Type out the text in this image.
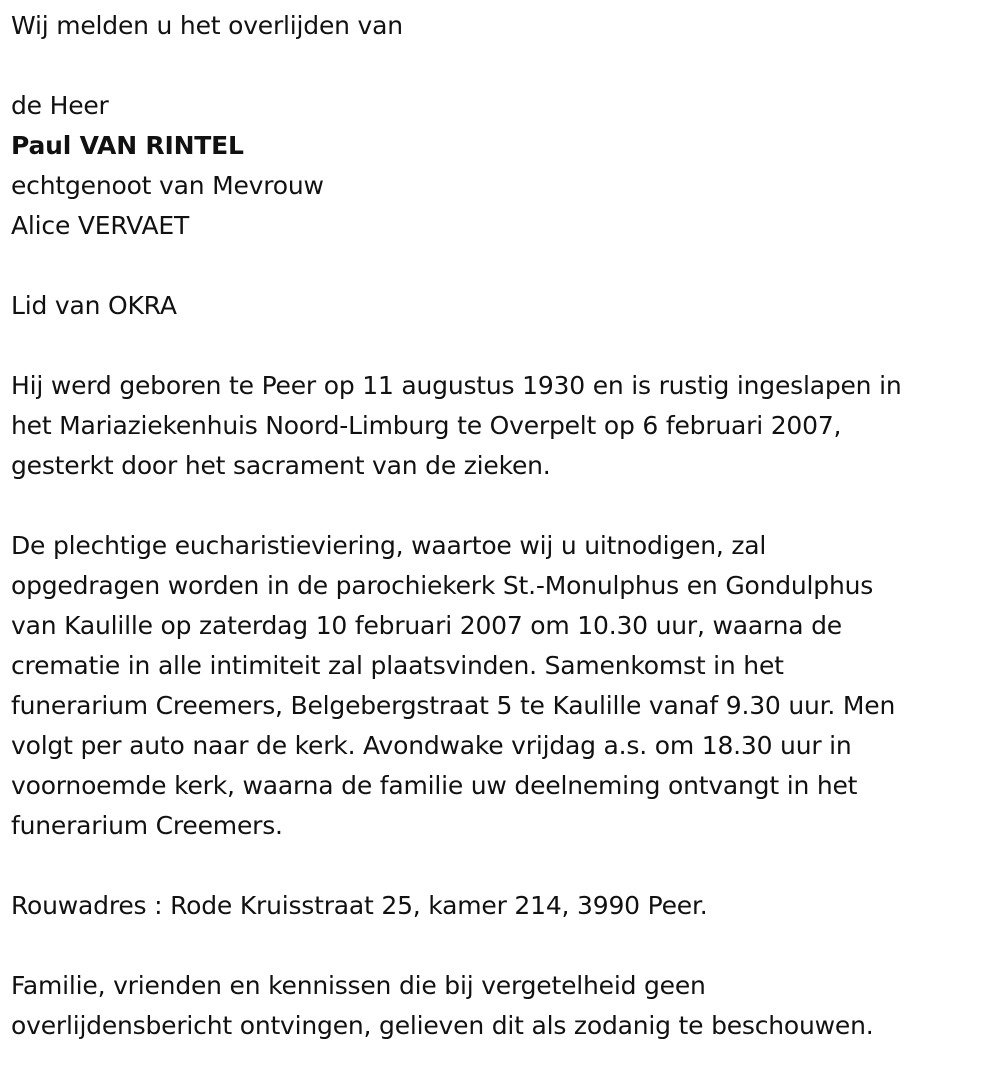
Wij melden u het overlijden van
de Heer
Paul VAN RINTEL
echtgenoot van Mevrouw
Alice VERVAET
Lid van OKRA
Hij werd geboren te Peer op 11 augustus 1930 en is rustig ingeslapen in
het Mariaziekenhuis Noord-Limburg te Overpelt op 6 februari 2007,
gesterkt door het sacrament van de zieken.
De plechtige eucharistieviering, waartoe wij u uitnodigen, zal
opgedragen worden in de parochiekerk St.-Monulphus en Gondulphus
van Kaulille op zaterdag 10 februari 2007 om 10.30 uur, waarna de
crematie in alle intimiteit zal plaatsvinden. Samenkomst in het
funerarium Creemers, Belgebergstraat 5 te Kaulille vanaf 9.30 uur. Men
volgt per auto naar de kerk. Avondwake vrijdag a.s. om 18.30 uur in
voornoemde kerk, waarna de familie uw deelneming ontvangt in het
funerarium Creemers.
Rouwadres : Rode Kruisstraat 25, kamer 214, 3990 Peer.
Familie, vrienden en kennissen die bij vergetelheid geen
overlijdensbericht ontvingen, gelieven dit als zodanig te beschouwen.
